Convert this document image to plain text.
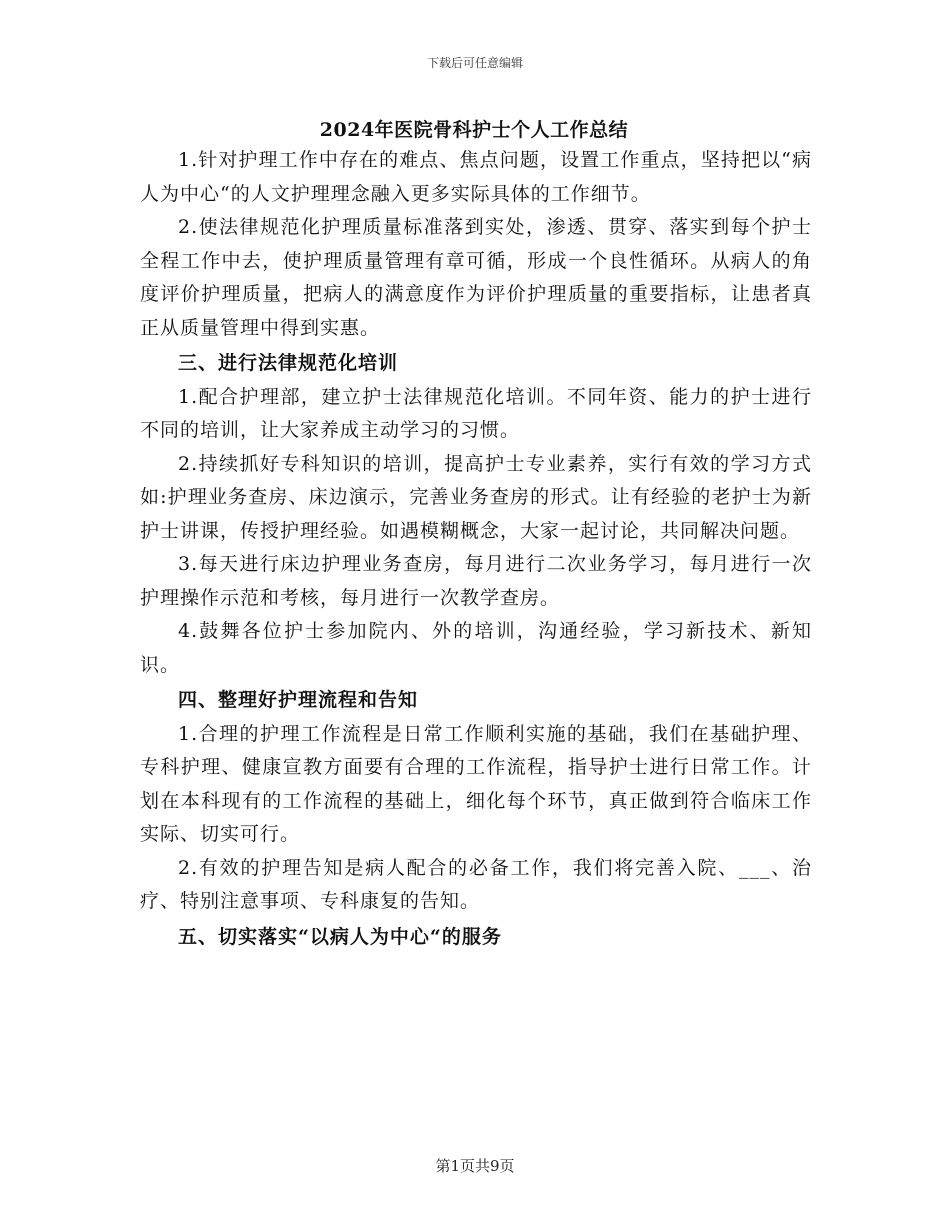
下载后可任意编辑
2024年医院骨科护士个人工作总结

1.针对护理工作中存在的难点、焦点问题，设置工作重点，坚持把以“病人为中心“的人文护理理念融入更多实际具体的工作细节。

2.使法律规范化护理质量标准落到实处，渗透、贯穿、落实到每个护士全程工作中去，使护理质量管理有章可循，形成一个良性循环。从病人的角度评价护理质量，把病人的满意度作为评价护理质量的重要指标，让患者真正从质量管理中得到实惠。

三、进行法律规范化培训

1.配合护理部，建立护士法律规范化培训。不同年资、能力的护士进行不同的培训，让大家养成主动学习的习惯。

2.持续抓好专科知识的培训，提高护士专业素养，实行有效的学习方式如:护理业务查房、床边演示，完善业务查房的形式。让有经验的老护士为新护士讲课，传授护理经验。如遇模糊概念，大家一起讨论，共同解决问题。

3.每天进行床边护理业务查房，每月进行二次业务学习，每月进行一次护理操作示范和考核，每月进行一次教学查房。

4.鼓舞各位护士参加院内、外的培训，沟通经验，学习新技术、新知识。

四、整理好护理流程和告知

1.合理的护理工作流程是日常工作顺利实施的基础，我们在基础护理、专科护理、健康宣教方面要有合理的工作流程，指导护士进行日常工作。计划在本科现有的工作流程的基础上，细化每个环节，真正做到符合临床工作实际、切实可行。

2.有效的护理告知是病人配合的必备工作，我们将完善入院、___、治疗、特别注意事项、专科康复的告知。

五、切实落实“以病人为中心“的服务

第1页共9页
